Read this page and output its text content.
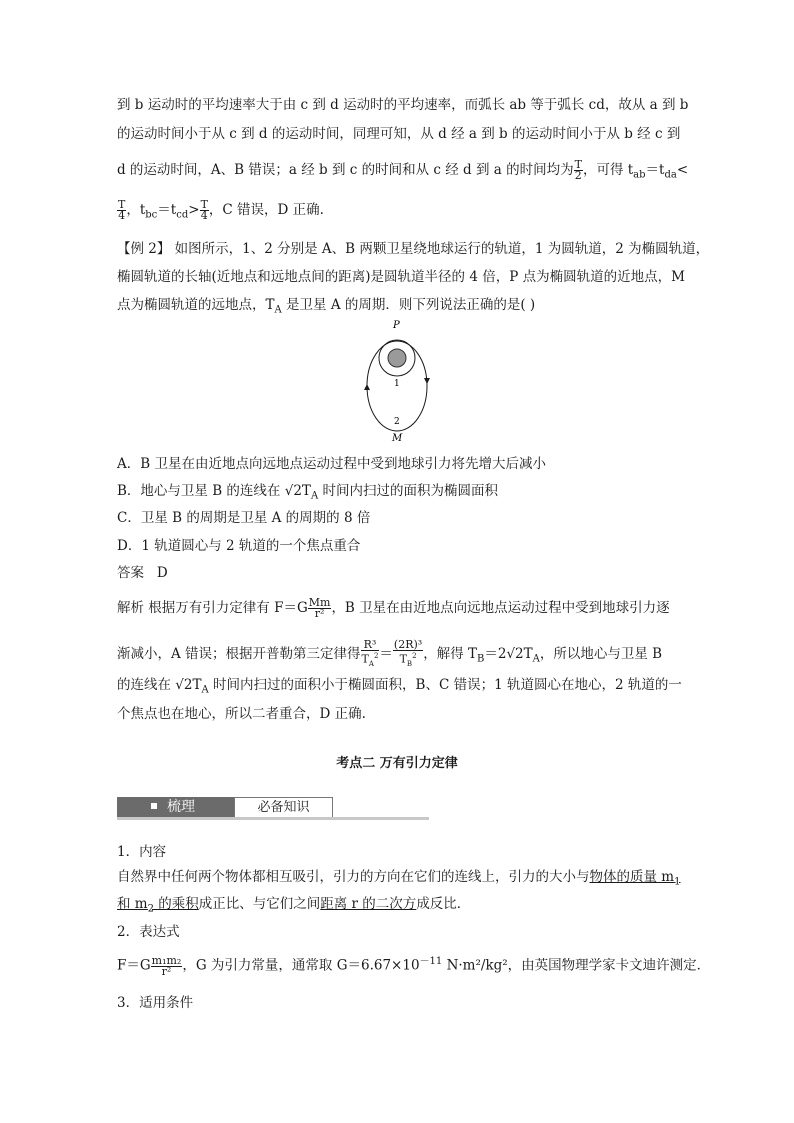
到 b 运动时的平均速率大于由 c 到 d 运动时的平均速率，而弧长 ab 等于弧长 cd，故从 a 到 b
的运动时间小于从 c 到 d 的运动时间，同理可知，从 d 经 a 到 b 的运动时间小于从 b 经 c 到
d 的运动时间，A、B 错误；a 经 b 到 c 的时间和从 c 经 d 到 a 的时间均为 $\frac{T}{2}$ ，可得 $t_{ab}=t_{da}<$
$\frac{T}{4}$ ，$t_{bc}=t_{cd}> \frac{T}{4}$ ，C 错误，D 正确.
【例 2】 如图所示，1、2 分别是 A、B 两颗卫星绕地球运行的轨道，1 为圆轨道，2 为椭圆轨道，
椭圆轨道的长轴(近地点和远地点间的距离)是圆轨道半径的 4 倍，P 点为椭圆轨道的近地点，M
点为椭圆轨道的远地点，$T_A$ 是卫星 A 的周期．则下列说法正确的是( )
P
1
2
M
A．B 卫星在由近地点向远地点运动过程中受到地球引力将先增大后减小
B．地心与卫星 B 的连线在 $√2T_A$ 时间内扫过的面积为椭圆面积
C．卫星 B 的周期是卫星 A 的周期的 8 倍
D．1 轨道圆心与 2 轨道的一个焦点重合
答案 D
解析 根据万有引力定律有 $F=G \frac{Mm}{\text{r²}}$ ，B 卫星在由近地点向远地点运动过程中受到地球引力逐
渐减小，A 错误；根据开普勒第三定律得 $\frac{\text{R³}}{T_A^2} = \frac{\text{(2R)³}}{T_B^2}$ ，解得 $T_B=2√2T_A$，所以地心与卫星 B
的连线在 $√2T_A$ 时间内扫过的面积小于椭圆面积，B、C 错误；1 轨道圆心在地心，2 轨道的一
个焦点也在地心，所以二者重合，D 正确.
考点二 万有引力定律
梳理	必备知识
1．内容
自然界中任何两个物体都相互吸引，引力的方向在它们的连线上，引力的大小与物体的质量 $m_1$
和 $m_2$ 的乘积成正比、与它们之间距离 r 的二次方成反比．
2．表达式
$F=G \frac{\text{m₁m₂}}{\text{r²}}$ ，G 为引力常量，通常取 $G=6.67\times 10^{-11}$ N·m²/kg²，由英国物理学家卡文迪许测定．
3．适用条件
